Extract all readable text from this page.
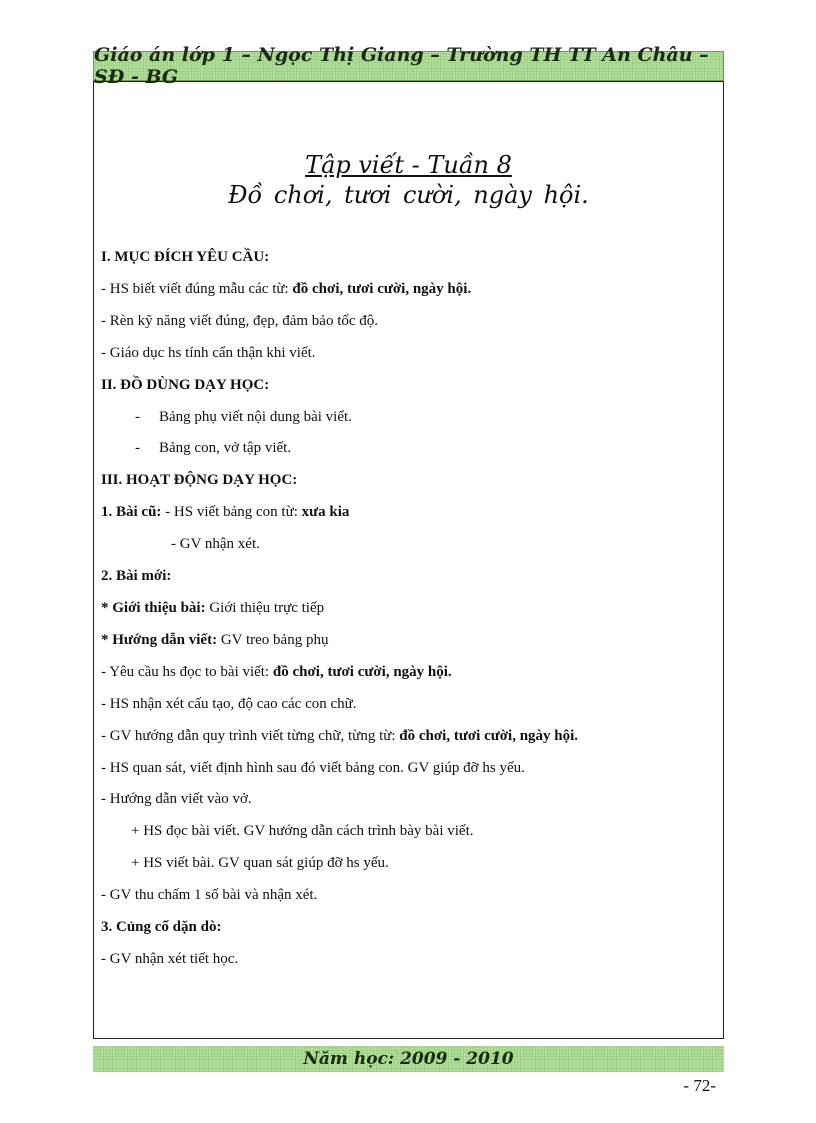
Giáo án lớp 1 – Ngọc Thị Giang – Trường TH TT An Châu – SĐ - BG
Tập viết - Tuần 8
Đồ chơi, tươi cười, ngày hội.

I. MỤC ĐÍCH YÊU CẦU:

- HS biết viết đúng mẫu các từ: đồ chơi, tươi cười, ngày hội.

- Rèn kỹ năng viết đúng, đẹp, đảm bảo tốc độ.

- Giáo dục hs tính cẩn thận khi viết.

II. ĐỒ DÙNG DẠY HỌC:

- Bảng phụ viết nội dung bài viết.

- Bảng con, vở tập viết.

III. HOẠT ĐỘNG DẠY HỌC:

1. Bài cũ: - HS viết bảng con từ: xưa kia

- GV nhận xét.

2. Bài mới:

* Giới thiệu bài: Giới thiệu trực tiếp

* Hướng dẫn viết: GV treo bảng phụ

- Yêu cầu hs đọc to bài viết: đồ chơi, tươi cười, ngày hội.

- HS nhận xét cấu tạo, độ cao các con chữ.

- GV hướng dẫn quy trình viết từng chữ, từng từ: đồ chơi, tươi cười, ngày hội.

- HS quan sát, viết định hình sau đó viết bảng con. GV giúp đỡ hs yếu.

- Hướng dẫn viết vào vở.

+ HS đọc bài viết. GV hướng dẫn cách trình bày bài viết.

+ HS viết bài. GV quan sát giúp đỡ hs yếu.

- GV thu chấm 1 số bài và nhận xét.

3. Củng cố dặn dò:

- GV nhận xét tiết học.

Năm học: 2009 - 2010
- 72-
